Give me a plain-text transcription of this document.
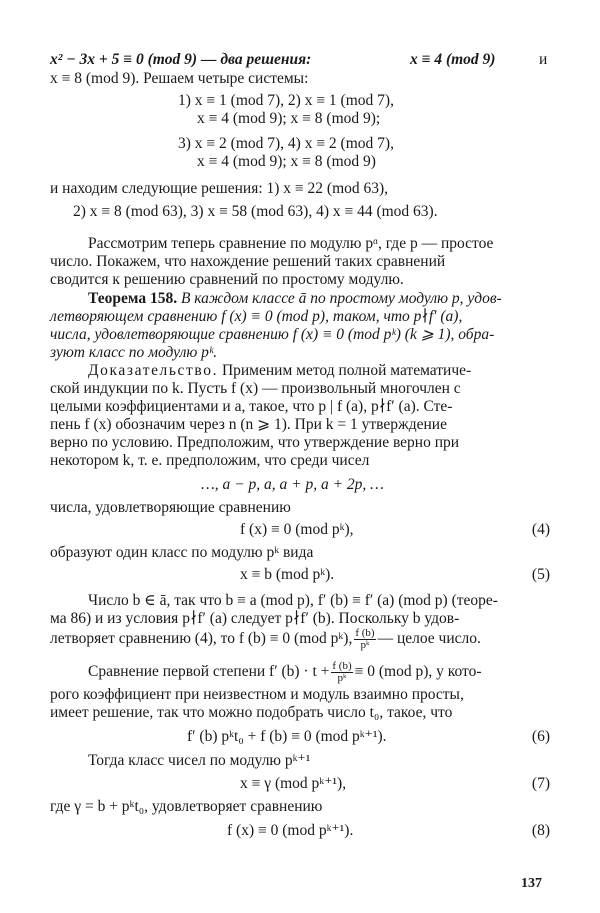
x² − 3x + 5 ≡ 0 (mod 9) — два решения:	x ≡ 4 (mod 9)	и
x ≡ 8 (mod 9). Решаем четыре системы:
1) x ≡ 1 (mod 7), 2) x ≡ 1 (mod 7),
x ≡ 4 (mod 9); x ≡ 8 (mod 9);
3) x ≡ 2 (mod 7), 4) x ≡ 2 (mod 7),
x ≡ 4 (mod 9); x ≡ 8 (mod 9)
и находим следующие решения: 1) x ≡ 22 (mod 63),
2) x ≡ 8 (mod 63), 3) x ≡ 58 (mod 63), 4) x ≡ 44 (mod 63).
Рассмотрим теперь сравнение по модулю pᵅ, где p — простое
число. Покажем, что нахождение решений таких сравнений
сводится к решению сравнений по простому модулю.
Теорема 158. В каждом классе ā по простому модулю p, удов-
летворяющем сравнению f (x) ≡ 0 (mod p), таком, что p∤f′ (a),
числа, удовлетворяющие сравнению f (x) ≡ 0 (mod pᵏ) (k ⩾ 1), обра-
зуют класс по модулю pᵏ.
Доказательство. Применим метод полной математиче-
ской индукции по k. Пусть f (x) — произвольный многочлен с
целыми коэффициентами и a, такое, что p | f (a), p∤f′ (a). Сте-
пень f (x) обозначим через n (n ⩾ 1). При k = 1 утверждение
верно по условию. Предположим, что утверждение верно при
некотором k, т. е. предположим, что среди чисел
…, a − p, a, a + p, a + 2p, …
числа, удовлетворяющие сравнению
f (x) ≡ 0 (mod pᵏ),	(4)
образуют один класс по модулю pᵏ вида
x ≡ b (mod pᵏ).	(5)
Число b ∈ ā, так что b ≡ a (mod p), f′ (b) ≡ f′ (a) (mod p) (теоре-
ма 86) и из условия p∤f′ (a) следует p∤f′ (b). Поскольку b удов-
летворяет сравнению (4), то f (b) ≡ 0 (mod pᵏ), $\frac{f (b)}{\text{pᵏ}}$ — целое число.
Сравнение первой степени f′ $(b) \cdot t + \frac{f (b)}{\text{pᵏ}} \equiv 0$ (mod p), у кото-
рого коэффициент при неизвестном и модуль взаимно просты,
имеет решение, так что можно подобрать число t₀, такое, что
f′ (b) pᵏt₀ + f (b) ≡ 0 (mod pᵏ⁺¹).	(6)
Тогда класс чисел по модулю pᵏ⁺¹
x ≡ γ (mod pᵏ⁺¹),	(7)
где γ = b + pᵏt₀, удовлетворяет сравнению
f (x) ≡ 0 (mod pᵏ⁺¹).	(8)
137
